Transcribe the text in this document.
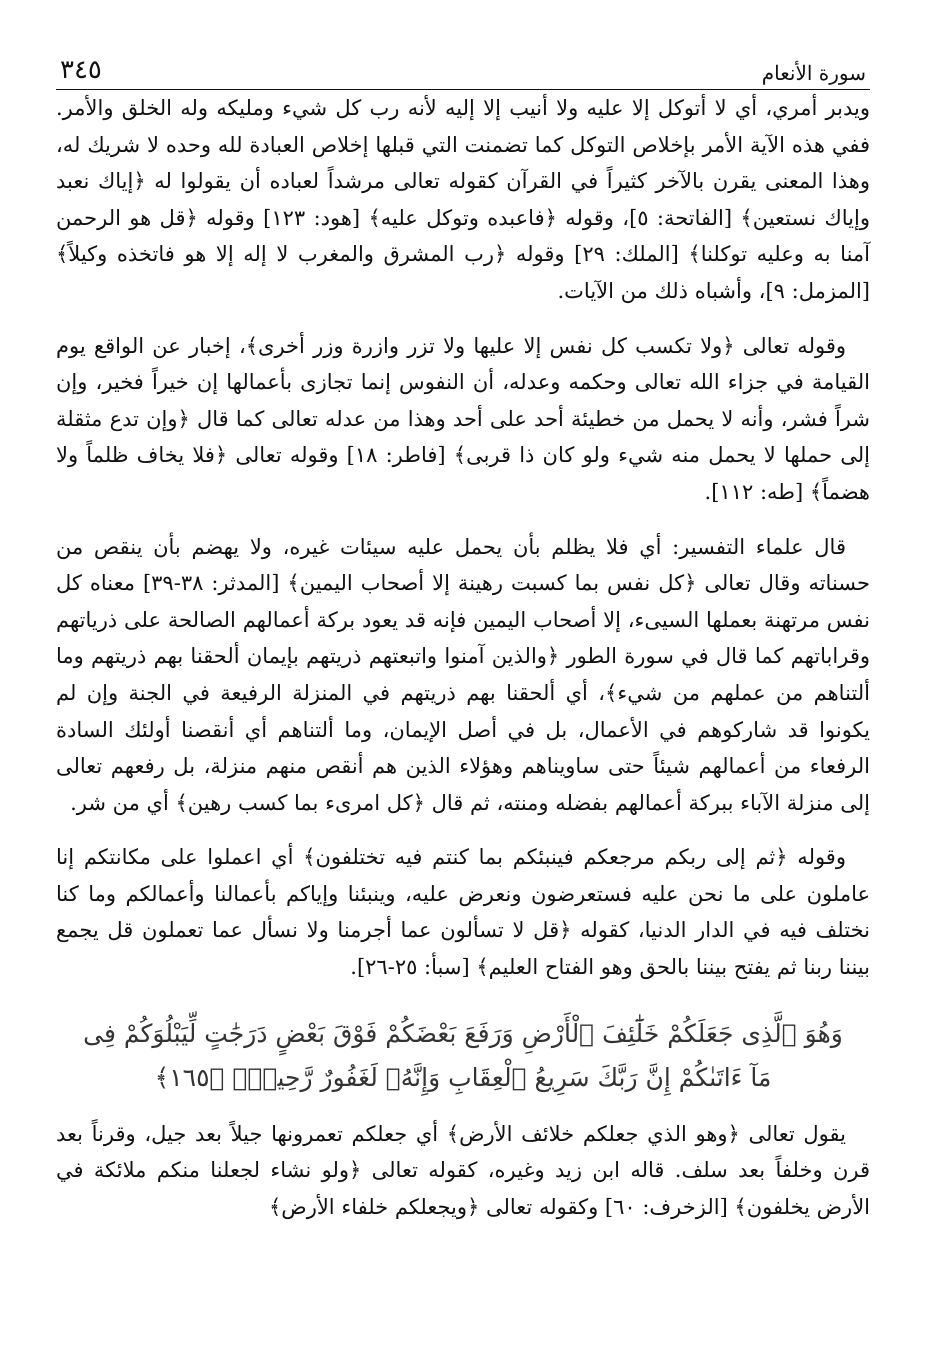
سورة الأنعام
٣٤٥

ويدبر أمري، أي لا أتوكل إلا عليه ولا أنيب إلا إليه لأنه رب كل شيء ومليكه وله الخلق والأمر. ففي هذه الآية الأمر بإخلاص التوكل كما تضمنت التي قبلها إخلاص العبادة لله وحده لا شريك له، وهذا المعنى يقرن بالآخر كثيراً في القرآن كقوله تعالى مرشداً لعباده أن يقولوا له ﴿إياك نعبد وإياك نستعين﴾ [الفاتحة: ٥]، وقوله ﴿فاعبده وتوكل عليه﴾ [هود: ١٢٣] وقوله ﴿قل هو الرحمن آمنا به وعليه توكلنا﴾ [الملك: ٢٩] وقوله ﴿رب المشرق والمغرب لا إله إلا هو فاتخذه وكيلاً﴾ [المزمل: ٩]، وأشباه ذلك من الآيات.

وقوله تعالى ﴿ولا تكسب كل نفس إلا عليها ولا تزر وازرة وزر أخرى﴾، إخبار عن الواقع يوم القيامة في جزاء الله تعالى وحكمه وعدله، أن النفوس إنما تجازى بأعمالها إن خيراً فخير، وإن شراً فشر، وأنه لا يحمل من خطيئة أحد على أحد وهذا من عدله تعالى كما قال ﴿وإن تدع مثقلة إلى حملها لا يحمل منه شيء ولو كان ذا قربى﴾ [فاطر: ١٨] وقوله تعالى ﴿فلا يخاف ظلماً ولا هضماً﴾ [طه: ١١٢].

قال علماء التفسير: أي فلا يظلم بأن يحمل عليه سيئات غيره، ولا يهضم بأن ينقص من حسناته وقال تعالى ﴿كل نفس بما كسبت رهينة إلا أصحاب اليمين﴾ [المدثر: ٣٨-٣٩] معناه كل نفس مرتهنة بعملها السيىء، إلا أصحاب اليمين فإنه قد يعود بركة أعمالهم الصالحة على ذرياتهم وقراباتهم كما قال في سورة الطور ﴿والذين آمنوا واتبعتهم ذريتهم بإيمان ألحقنا بهم ذريتهم وما ألتناهم من عملهم من شيء﴾، أي ألحقنا بهم ذريتهم في المنزلة الرفيعة في الجنة وإن لم يكونوا قد شاركوهم في الأعمال، بل في أصل الإيمان، وما ألتناهم أي أنقصنا أولئك السادة الرفعاء من أعمالهم شيئاً حتى ساويناهم وهؤلاء الذين هم أنقص منهم منزلة، بل رفعهم تعالى إلى منزلة الآباء ببركة أعمالهم بفضله ومنته، ثم قال ﴿كل امرىء بما كسب رهين﴾ أي من شر.

وقوله ﴿ثم إلى ربكم مرجعكم فينبئكم بما كنتم فيه تختلفون﴾ أي اعملوا على مكانتكم إنا عاملون على ما نحن عليه فستعرضون ونعرض عليه، وينبئنا وإياكم بأعمالنا وأعمالكم وما كنا نختلف فيه في الدار الدنيا، كقوله ﴿قل لا تسألون عما أجرمنا ولا نسأل عما تعملون قل يجمع بيننا ربنا ثم يفتح بيننا بالحق وهو الفتاح العليم﴾ [سبأ: ٢٥-٢٦].

وَهُوَ ٱلَّذِى جَعَلَكُمْ خَلَٰٓئِفَ ٱلْأَرْضِ وَرَفَعَ بَعْضَكُمْ فَوْقَ بَعْضٍ دَرَجَٰتٍ لِّيَبْلُوَكُمْ فِى مَآ ءَاتَىٰكُمْ إِنَّ رَبَّكَ سَرِيعُ ٱلْعِقَابِ وَإِنَّهُۥ لَغَفُورٌ رَّحِيمٌۢ ﴿١٦٥﴾

يقول تعالى ﴿وهو الذي جعلكم خلائف الأرض﴾ أي جعلكم تعمرونها جيلاً بعد جيل، وقرناً بعد قرن وخلفاً بعد سلف. قاله ابن زيد وغيره، كقوله تعالى ﴿ولو نشاء لجعلنا منكم ملائكة في الأرض يخلفون﴾ [الزخرف: ٦٠] وكقوله تعالى ﴿ويجعلكم خلفاء الأرض﴾
